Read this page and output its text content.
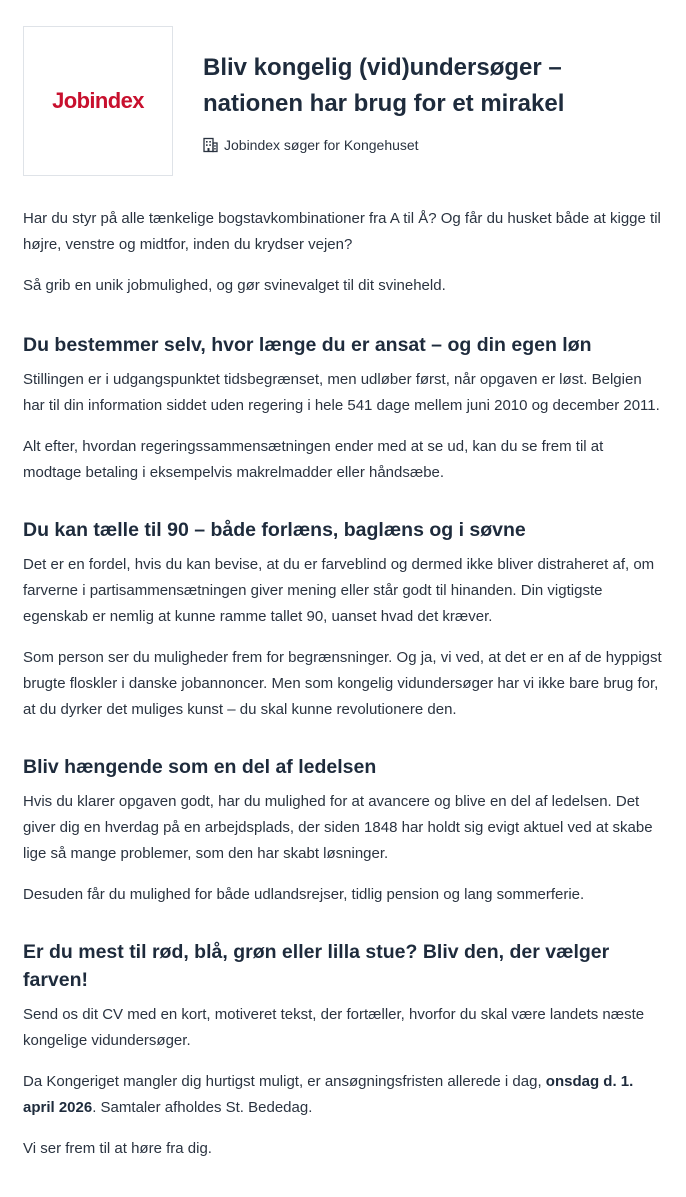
Jobindex
Bliv kongelig (vid)undersøger – nationen har brug for et mirakel
Jobindex søger for Kongehuset

Har du styr på alle tænkelige bogstavkombinationer fra A til Å? Og får du husket både at kigge til højre, venstre og midtfor, inden du krydser vejen?

Så grib en unik jobmulighed, og gør svinevalget til dit svineheld.

Du bestemmer selv, hvor længe du er ansat – og din egen løn

Stillingen er i udgangspunktet tidsbegrænset, men udløber først, når opgaven er løst. Belgien har til din information siddet uden regering i hele 541 dage mellem juni 2010 og december 2011.

Alt efter, hvordan regeringssammensætningen ender med at se ud, kan du se frem til at modtage betaling i eksempelvis makrelmadder eller håndsæbe.

Du kan tælle til 90 – både forlæns, baglæns og i søvne

Det er en fordel, hvis du kan bevise, at du er farveblind og dermed ikke bliver distraheret af, om farverne i partisammensætningen giver mening eller står godt til hinanden. Din vigtigste egenskab er nemlig at kunne ramme tallet 90, uanset hvad det kræver.

Som person ser du muligheder frem for begrænsninger. Og ja, vi ved, at det er en af de hyppigst brugte floskler i danske jobannoncer. Men som kongelig vidundersøger har vi ikke bare brug for, at du dyrker det muliges kunst – du skal kunne revolutionere den.

Bliv hængende som en del af ledelsen

Hvis du klarer opgaven godt, har du mulighed for at avancere og blive en del af ledelsen. Det giver dig en hverdag på en arbejdsplads, der siden 1848 har holdt sig evigt aktuel ved at skabe lige så mange problemer, som den har skabt løsninger.

Desuden får du mulighed for både udlandsrejser, tidlig pension og lang sommerferie.

Er du mest til rød, blå, grøn eller lilla stue? Bliv den, der vælger farven!

Send os dit CV med en kort, motiveret tekst, der fortæller, hvorfor du skal være landets næste kongelige vidundersøger.

Da Kongeriget mangler dig hurtigst muligt, er ansøgningsfristen allerede i dag, onsdag d. 1. april 2026. Samtaler afholdes St. Bededag.

Vi ser frem til at høre fra dig.
